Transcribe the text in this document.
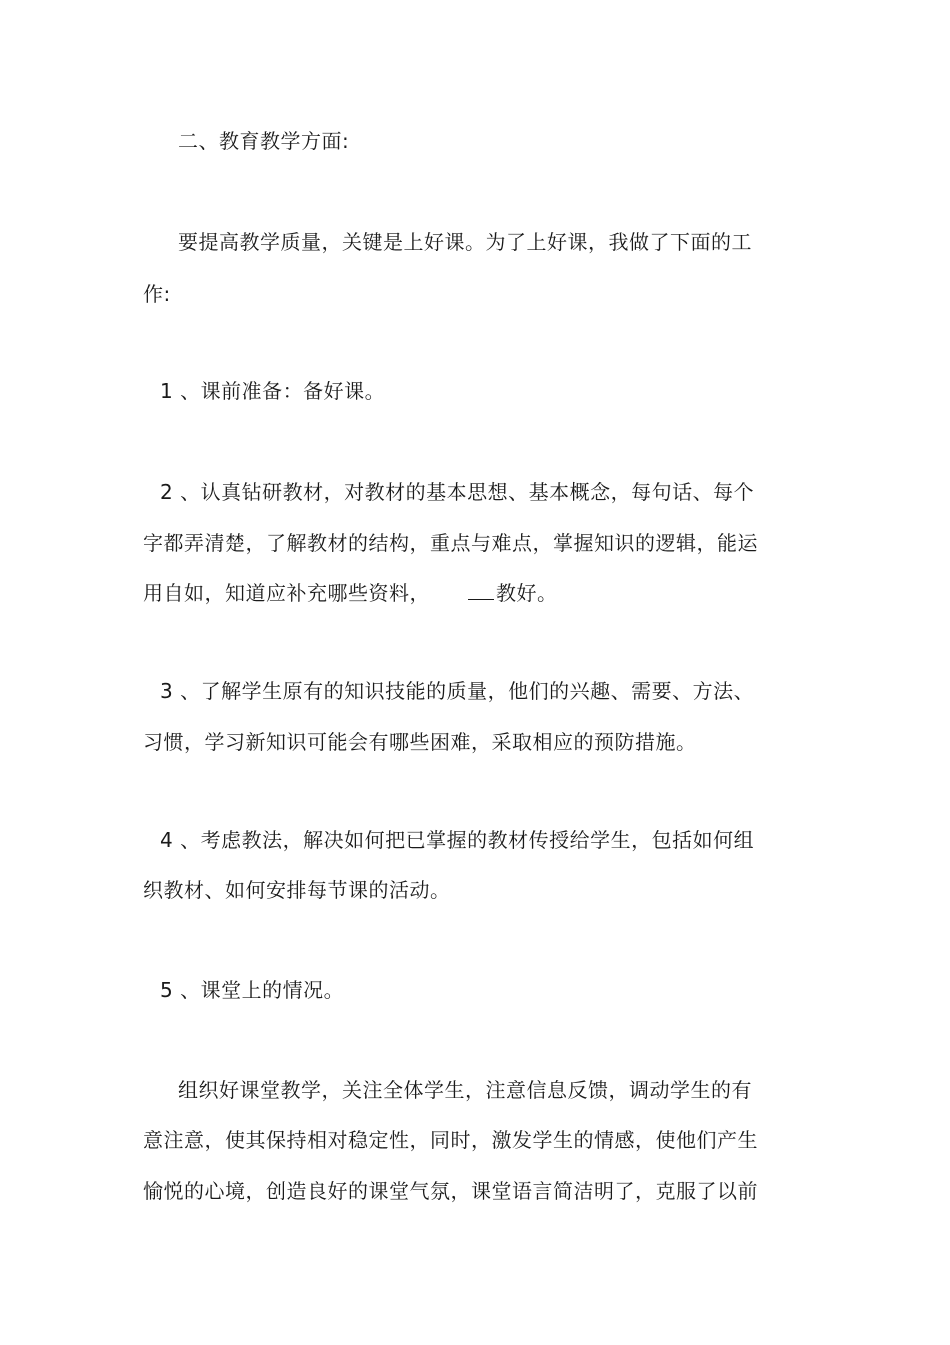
二、教育教学方面:
要提高教学质量，关键是上好课。为了上好课，我做了下面的工
作:
1 、课前准备：备好课。
2 、认真钻研教材，对教材的基本思想、基本概念，每句话、每个
字都弄清楚，了解教材的结构，重点与难点，掌握知识的逻辑，能运
用自如，知道应补充哪些资料，	教好。
3 、了解学生原有的知识技能的质量，他们的兴趣、需要、方法、
习惯，学习新知识可能会有哪些困难，采取相应的预防措施。
4 、考虑教法，解决如何把已掌握的教材传授给学生，包括如何组
织教材、如何安排每节课的活动。
5 、课堂上的情况。
组织好课堂教学，关注全体学生，注意信息反馈，调动学生的有
意注意，使其保持相对稳定性，同时，激发学生的情感，使他们产生
愉悦的心境，创造良好的课堂气氛，课堂语言简洁明了，克服了以前
